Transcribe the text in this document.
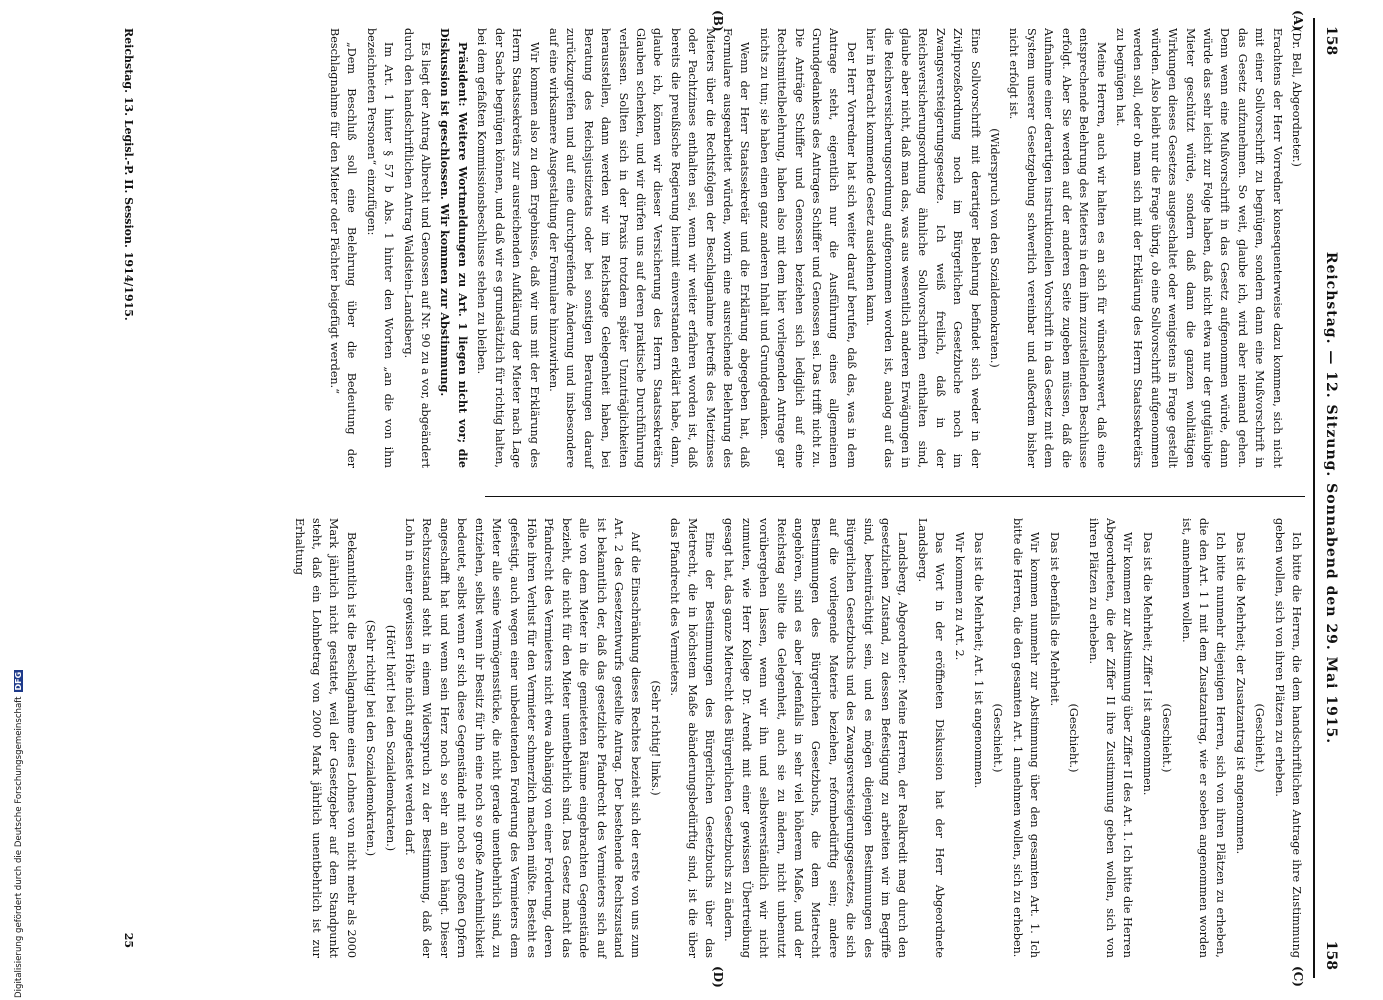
158
Reichstag. — 12. Sitzung. Sonnabend den 29. Mai 1915.
158
(A)
(B)
(C)
(D)

(Dr. Bell, Abgeordneter.)

Erachtens der Herr Vorredner konsequenterweise dazu kommen, sich nicht mit einer Sollvorschrift zu begnügen, sondern dann eine Mußvorschrift in das Gesetz aufzunehmen. So weit, glaube ich, wird aber niemand gehen. Denn wenn eine Mußvorschrift in das Gesetz aufgenommen würde, dann würde das sehr leicht zur Folge haben, daß nicht etwa nur der gutgläubige Mieter geschützt würde, sondern daß dann die ganzen wohltätigen Wirkungen dieses Gesetzes ausgeschaltet oder wenigstens in Frage gestellt würden. Also bleibt nur die Frage übrig, ob eine Sollvorschrift aufgenommen werden soll, oder ob man sich mit der Erklärung des Herrn Staatssekretärs zu begnügen hat.

Meine Herren, auch wir halten es an sich für wünschenswert, daß eine entsprechende Belehrung des Mieters in dem ihm zuzustellenden Beschlusse erfolgt. Aber Sie werden auf der anderen Seite zugeben müssen, daß die Aufnahme einer derartigen instruktionellen Vorschrift in das Gesetz mit dem System unserer Gesetzgebung schwerlich vereinbar und außerdem bisher nicht erfolgt ist.

(Widerspruch von den Sozialdemokraten.)

Eine Sollvorschrift mit derartiger Belehrung befindet sich weder in der Zivilprozeßordnung noch im Bürgerlichen Gesetzbuche noch im Zwangsversteigerungsgesetze. Ich weiß freilich, daß in der Reichsversicherungsordnung ähnliche Sollvorschriften enthalten sind, glaube aber nicht, daß man das, was aus wesentlich anderen Erwägungen in die Reichsversicherungsordnung aufgenommen worden ist, analog auf das hier in Betracht kommende Gesetz ausdehnen kann.

Der Herr Vorredner hat sich weiter darauf berufen, daß das, was in dem Antrage steht, eigentlich nur die Ausführung eines allgemeinen Grundgedankens des Antrages Schiffer und Genossen sei. Das trifft nicht zu. Die Anträge Schiffer und Genossen beziehen sich lediglich auf eine Rechtsmittelbelehrung, haben also mit dem hier vorliegenden Antrage gar nichts zu tun; sie haben einen ganz anderen Inhalt und Grundgedanken.

Wenn der Herr Staatssekretär und die Erklärung abgegeben hat, daß Formulare ausgearbeitet würden, worin eine ausreichende Belehrung des Mieters über die Rechtsfolgen der Beschlagnahme betreffs des Mietzinses oder Pachtzinses enthalten sei, wenn wir weiter erfahren worden ist, daß bereits die preußische Regierung hiermit einverstanden erklärt habe, dann, glaube ich, können wir dieser Versicherung des Herrn Staatssekretärs Glauben schenken, und wir dürfen uns auf deren praktische Durchführung verlassen. Sollten sich in der Praxis trotzdem später Unzuträglichkeiten herausstellen, dann werden wir im Reichstage Gelegenheit haben, bei Beratung des Reichsjustizetats oder bei sonstigen Beratungen darauf zurückzugreifen und auf eine durchgreifende Änderung und insbesondere auf eine wirksamere Ausgestaltung der Formulare hinzuwirken.

Wir kommen also zu dem Ergebnisse, daß wir uns mit der Erklärung des Herrn Staatssekretärs zur ausreichenden Aufklärung der Mieter nach Lage der Sache begnügen können, und daß wir es grundsätzlich für richtig halten, bei dem gefaßten Kommissionsbeschlusse stehen zu bleiben.

Präsident: Weitere Wortmeldungen zu Art. 1 liegen nicht vor; die Diskussion ist geschlossen. Wir kommen zur Abstimmung.

Es liegt der Antrag Albrecht und Genossen auf Nr. 90 zu a vor, abgeändert durch den handschriftlichen Antrag Waldstein-Landsberg.

Im Art. 1 hinter § 57 b Abs. 1 hinter den Worten „an die von ihm bezeichneten Personen“ einzufügen:

„Dem Beschluß soll eine Belehrung über die Bedeutung der Beschlagnahme für den Mieter oder Pächter beigefügt werden.“

Ich bitte die Herren, die dem handschriftlichen Antrage ihre Zustimmung geben wollen, sich von ihren Plätzen zu erheben.

(Geschieht.)

Das ist die Mehrheit; der Zusatzantrag ist angenommen.

Ich bitte nunmehr diejenigen Herren, sich von ihren Plätzen zu erheben, die den Art. 1 1 mit dem Zusatzantrag, wie er soeben angenommen worden ist, annehmen wollen.

(Geschieht.)

Das ist die Mehrheit; Ziffer I ist angenommen.

Wir kommen zur Abstimmung über Ziffer II des Art. 1. Ich bitte die Herren Abgeordneten, die der Ziffer II ihre Zustimmung geben wollen, sich von ihren Plätzen zu erheben.

(Geschieht.)

Das ist ebenfalls die Mehrheit.

Wir kommen nunmehr zur Abstimmung über den gesamten Art. 1. Ich bitte die Herren, die den gesamten Art. 1 annehmen wollen, sich zu erheben.

(Geschieht.)

Das ist die Mehrheit; Art. 1 ist angenommen.

Wir kommen zu Art. 2.

Das Wort in der eröffneten Diskussion hat der Herr Abgeordnete Landsberg.

Landsberg, Abgeordneter: Meine Herren, der Realkredit mag durch den gesetzlichen Zustand, zu dessen Befestigung zu arbeiten wir im Begriffe sind, beeinträchtigt sein, und es mögen diejenigen Bestimmungen des Bürgerlichen Gesetzbuchs und des Zwangsversteigerungsgesetzes, die sich auf die vorliegende Materie beziehen, reformbedürftig sein; andere Bestimmungen des Bürgerlichen Gesetzbuchs, die dem Mietrecht angehören, sind es aber jedenfalls in sehr viel höherem Maße, und der Reichstag sollte die Gelegenheit, auch sie zu ändern, nicht unbenutzt vorübergehen lassen, wenn wir ihn und selbstverständlich wir nicht zumuten, wie Herr Kollege Dr. Arendt mit einer gewissen Übertreibung gesagt hat, das ganze Mietrecht des Bürgerlichen Gesetzbuchs zu ändern.

Eine der Bestimmungen des Bürgerlichen Gesetzbuchs über das Mietrecht, die in höchstem Maße abänderungsbedürftig sind, ist die über das Pfandrecht des Vermieters.

(Sehr richtig! links.)

Auf die Einschränkung dieses Rechtes bezieht sich der erste von uns zum Art. 2 des Gesetzentwurfs gestellte Antrag. Der bestehende Rechtszustand ist bekanntlich der, daß das gesetzliche Pfandrecht des Vermieters sich auf alle von dem Mieter in die gemieteten Räume eingebrachten Gegenstände bezieht, die nicht für den Mieter unentbehrlich sind. Das Gesetz macht das Pfandrecht des Vermieters nicht etwa abhängig von einer Forderung, deren Höhe ihren Verlust für den Vermieter schmerzlich machen müßte. Besteht es gefestigt, auch wegen einer unbedeutenden Forderung des Vermieters dem Mieter alle seine Vermögensstücke, die nicht gerade unentbehrlich sind, zu entziehen, selbst wenn ihr Besitz für ihn eine noch so große Annehmlichkeit bedeutet, selbst wenn er sich diese Gegenstände mit noch so großen Opfern angeschafft hat und wenn sein Herz noch so sehr an ihnen hängt. Dieser Rechtszustand steht in einem Widerspruch zu der Bestimmung, daß der Lohn in einer gewissen Höhe nicht angetastet werden darf.

(Hört! hört! bei den Sozialdemokraten.)

(Sehr richtig! bei den Sozialdemokraten.)

Bekanntlich ist die Beschlagnahme eines Lohnes von nicht mehr als 2000 Mark jährlich nicht gestattet, weil der Gesetzgeber auf dem Standpunkt steht, daß ein Lohnbetrag von 2000 Mark jährlich unentbehrlich ist zur Erhaltung

Reichstag. 13. Legisl.-P. II. Session. 1914/1915.
25
Digitalisierung gefördert durch die Deutsche ForschungsgemeinschaftDFG
